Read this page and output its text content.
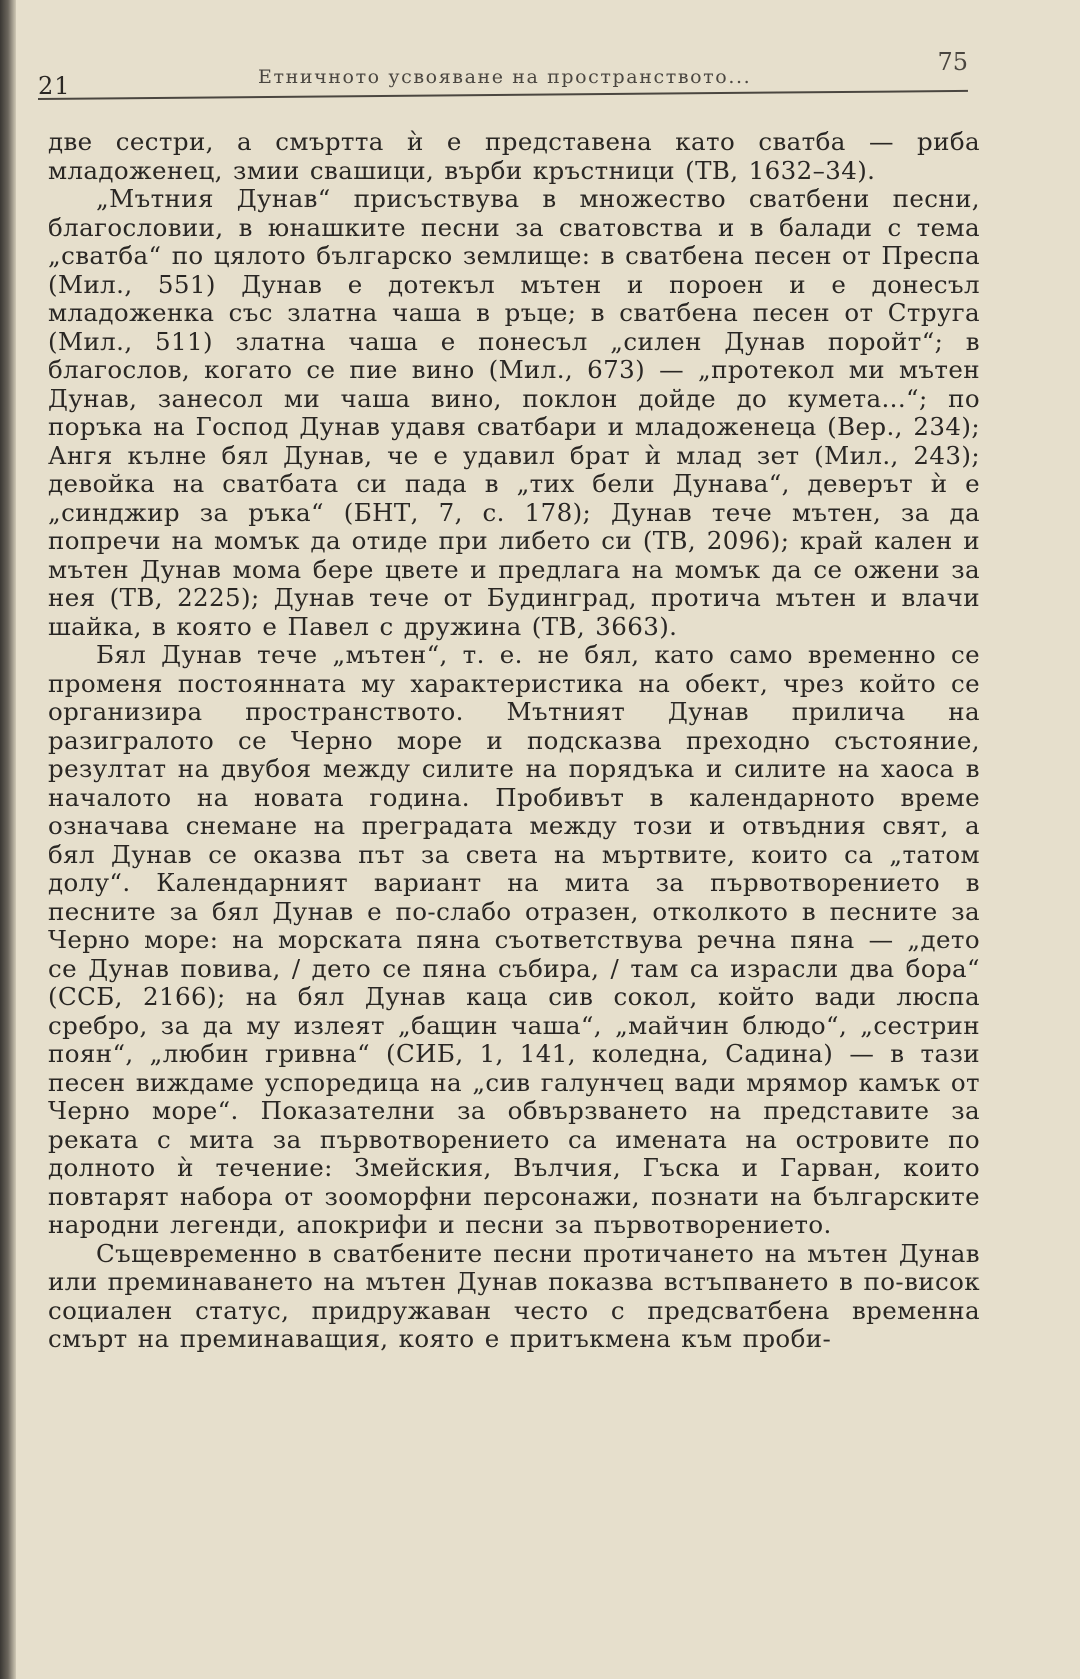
21	Етничното усвояване на пространството...
75

две сестри, а смъртта ѝ е представена като сватба — риба младоженец, змии свашици, върби кръстници (ТВ, 1632–34).

„Мътния Дунав“ присъствува в множество сватбени песни, благословии, в юнашките песни за сватовства и в балади с тема „сватба“ по цялото българско землище: в сватбена песен от Преспа (Мил., 551) Дунав е дотекъл мътен и пороен и е донесъл младоженка със златна чаша в ръце; в сватбена песен от Струга (Мил., 511) златна чаша е понесъл „силен Дунав поройт“; в благослов, когато се пие вино (Мил., 673) — „протекол ми мътен Дунав, занесол ми чаша вино, поклон дойде до кумета...“; по поръка на Господ Дунав удавя сватбари и младоженеца (Вер., 234); Ангя кълне бял Дунав, че е удавил брат ѝ млад зет (Мил., 243); девойка на сватбата си пада в „тих бели Дунава“, деверът ѝ е „синджир за ръка“ (БНТ, 7, с. 178); Дунав тече мътен, за да попречи на момък да отиде при либето си (ТВ, 2096); край кален и мътен Дунав мома бере цвете и предлага на момък да се ожени за нея (ТВ, 2225); Дунав тече от Будинград, протича мътен и влачи шайка, в която е Павел с дружина (ТВ, 3663).

Бял Дунав тече „мътен“, т. е. не бял, като само временно се променя постоянната му характеристика на обект, чрез който се организира пространството. Мътният Дунав прилича на разигралото се Черно море и подсказва преходно състояние, резултат на двубоя между силите на порядъка и силите на хаоса в началото на новата година. Пробивът в календарното време означава снемане на преградата между този и отвъдния свят, а бял Дунав се оказва път за света на мъртвите, които са „татом долу“. Календарният вариант на мита за първотворението в песните за бял Дунав е по-слабо отразен, отколкото в песните за Черно море: на морската пяна съответствува речна пяна — „дето се Дунав повива, / дето се пяна събира, / там са израсли два бора“ (ССБ, 2166); на бял Дунав каца сив сокол, който вади люспа сребро, за да му излеят „бащин чаша“, „майчин блюдо“, „сестрин поян“, „любин гривна“ (СИБ, 1, 141, коледна, Садина) — в тази песен виждаме успоредица на „сив галунчец вади мрямор камък от Черно море“. Показателни за обвързването на представите за реката с мита за първотворението са имената на островите по долното ѝ течение: Змейския, Вълчия, Гъска и Гарван, които повтарят набора от зооморфни персонажи, познати на българските народни легенди, апокрифи и песни за първотворението.

Същевременно в сватбените песни протичането на мътен Дунав или преминаването на мътен Дунав показва встъпването в по-висок социален статус, придружаван често с предсватбена временна смърт на преминаващия, която е притъкмена към проби-
